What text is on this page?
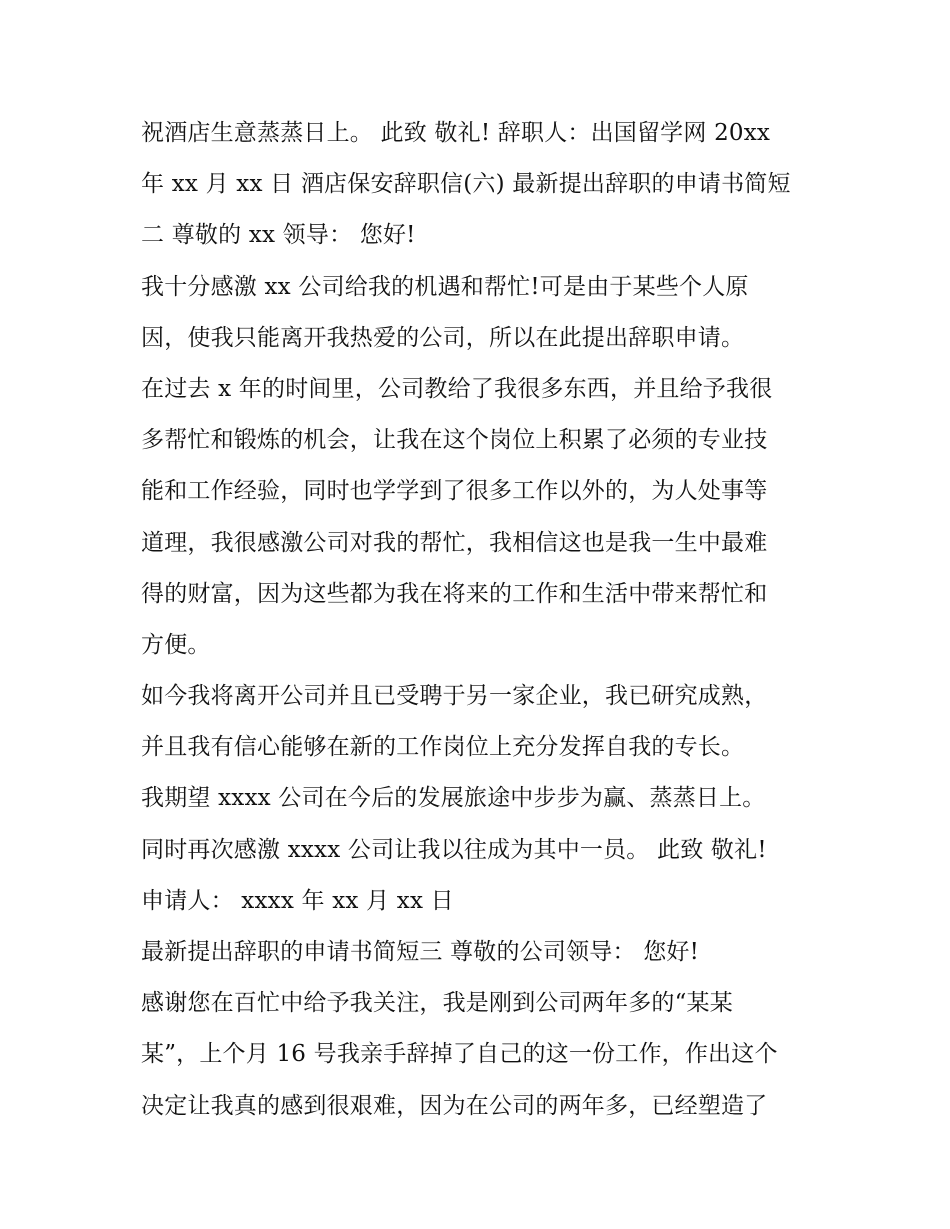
祝酒店生意蒸蒸日上。 此致 敬礼! 辞职人：出国留学网 20xx
年 xx 月 xx 日 酒店保安辞职信(六) 最新提出辞职的申请书简短
二 尊敬的 xx 领导： 您好!
我十分感激 xx 公司给我的机遇和帮忙!可是由于某些个人原
因，使我只能离开我热爱的公司，所以在此提出辞职申请。
在过去 x 年的时间里，公司教给了我很多东西，并且给予我很
多帮忙和锻炼的机会，让我在这个岗位上积累了必须的专业技
能和工作经验，同时也学学到了很多工作以外的，为人处事等
道理，我很感激公司对我的帮忙，我相信这也是我一生中最难
得的财富，因为这些都为我在将来的工作和生活中带来帮忙和
方便。
如今我将离开公司并且已受聘于另一家企业，我已研究成熟，
并且我有信心能够在新的工作岗位上充分发挥自我的专长。
我期望 xxxx 公司在今后的发展旅途中步步为赢、蒸蒸日上。
同时再次感激 xxxx 公司让我以往成为其中一员。 此致 敬礼!
申请人： xxxx 年 xx 月 xx 日
最新提出辞职的申请书简短三 尊敬的公司领导： 您好!
感谢您在百忙中给予我关注，我是刚到公司两年多的“某某
某”，上个月 16 号我亲手辞掉了自己的这一份工作，作出这个
决定让我真的感到很艰难，因为在公司的两年多，已经塑造了
